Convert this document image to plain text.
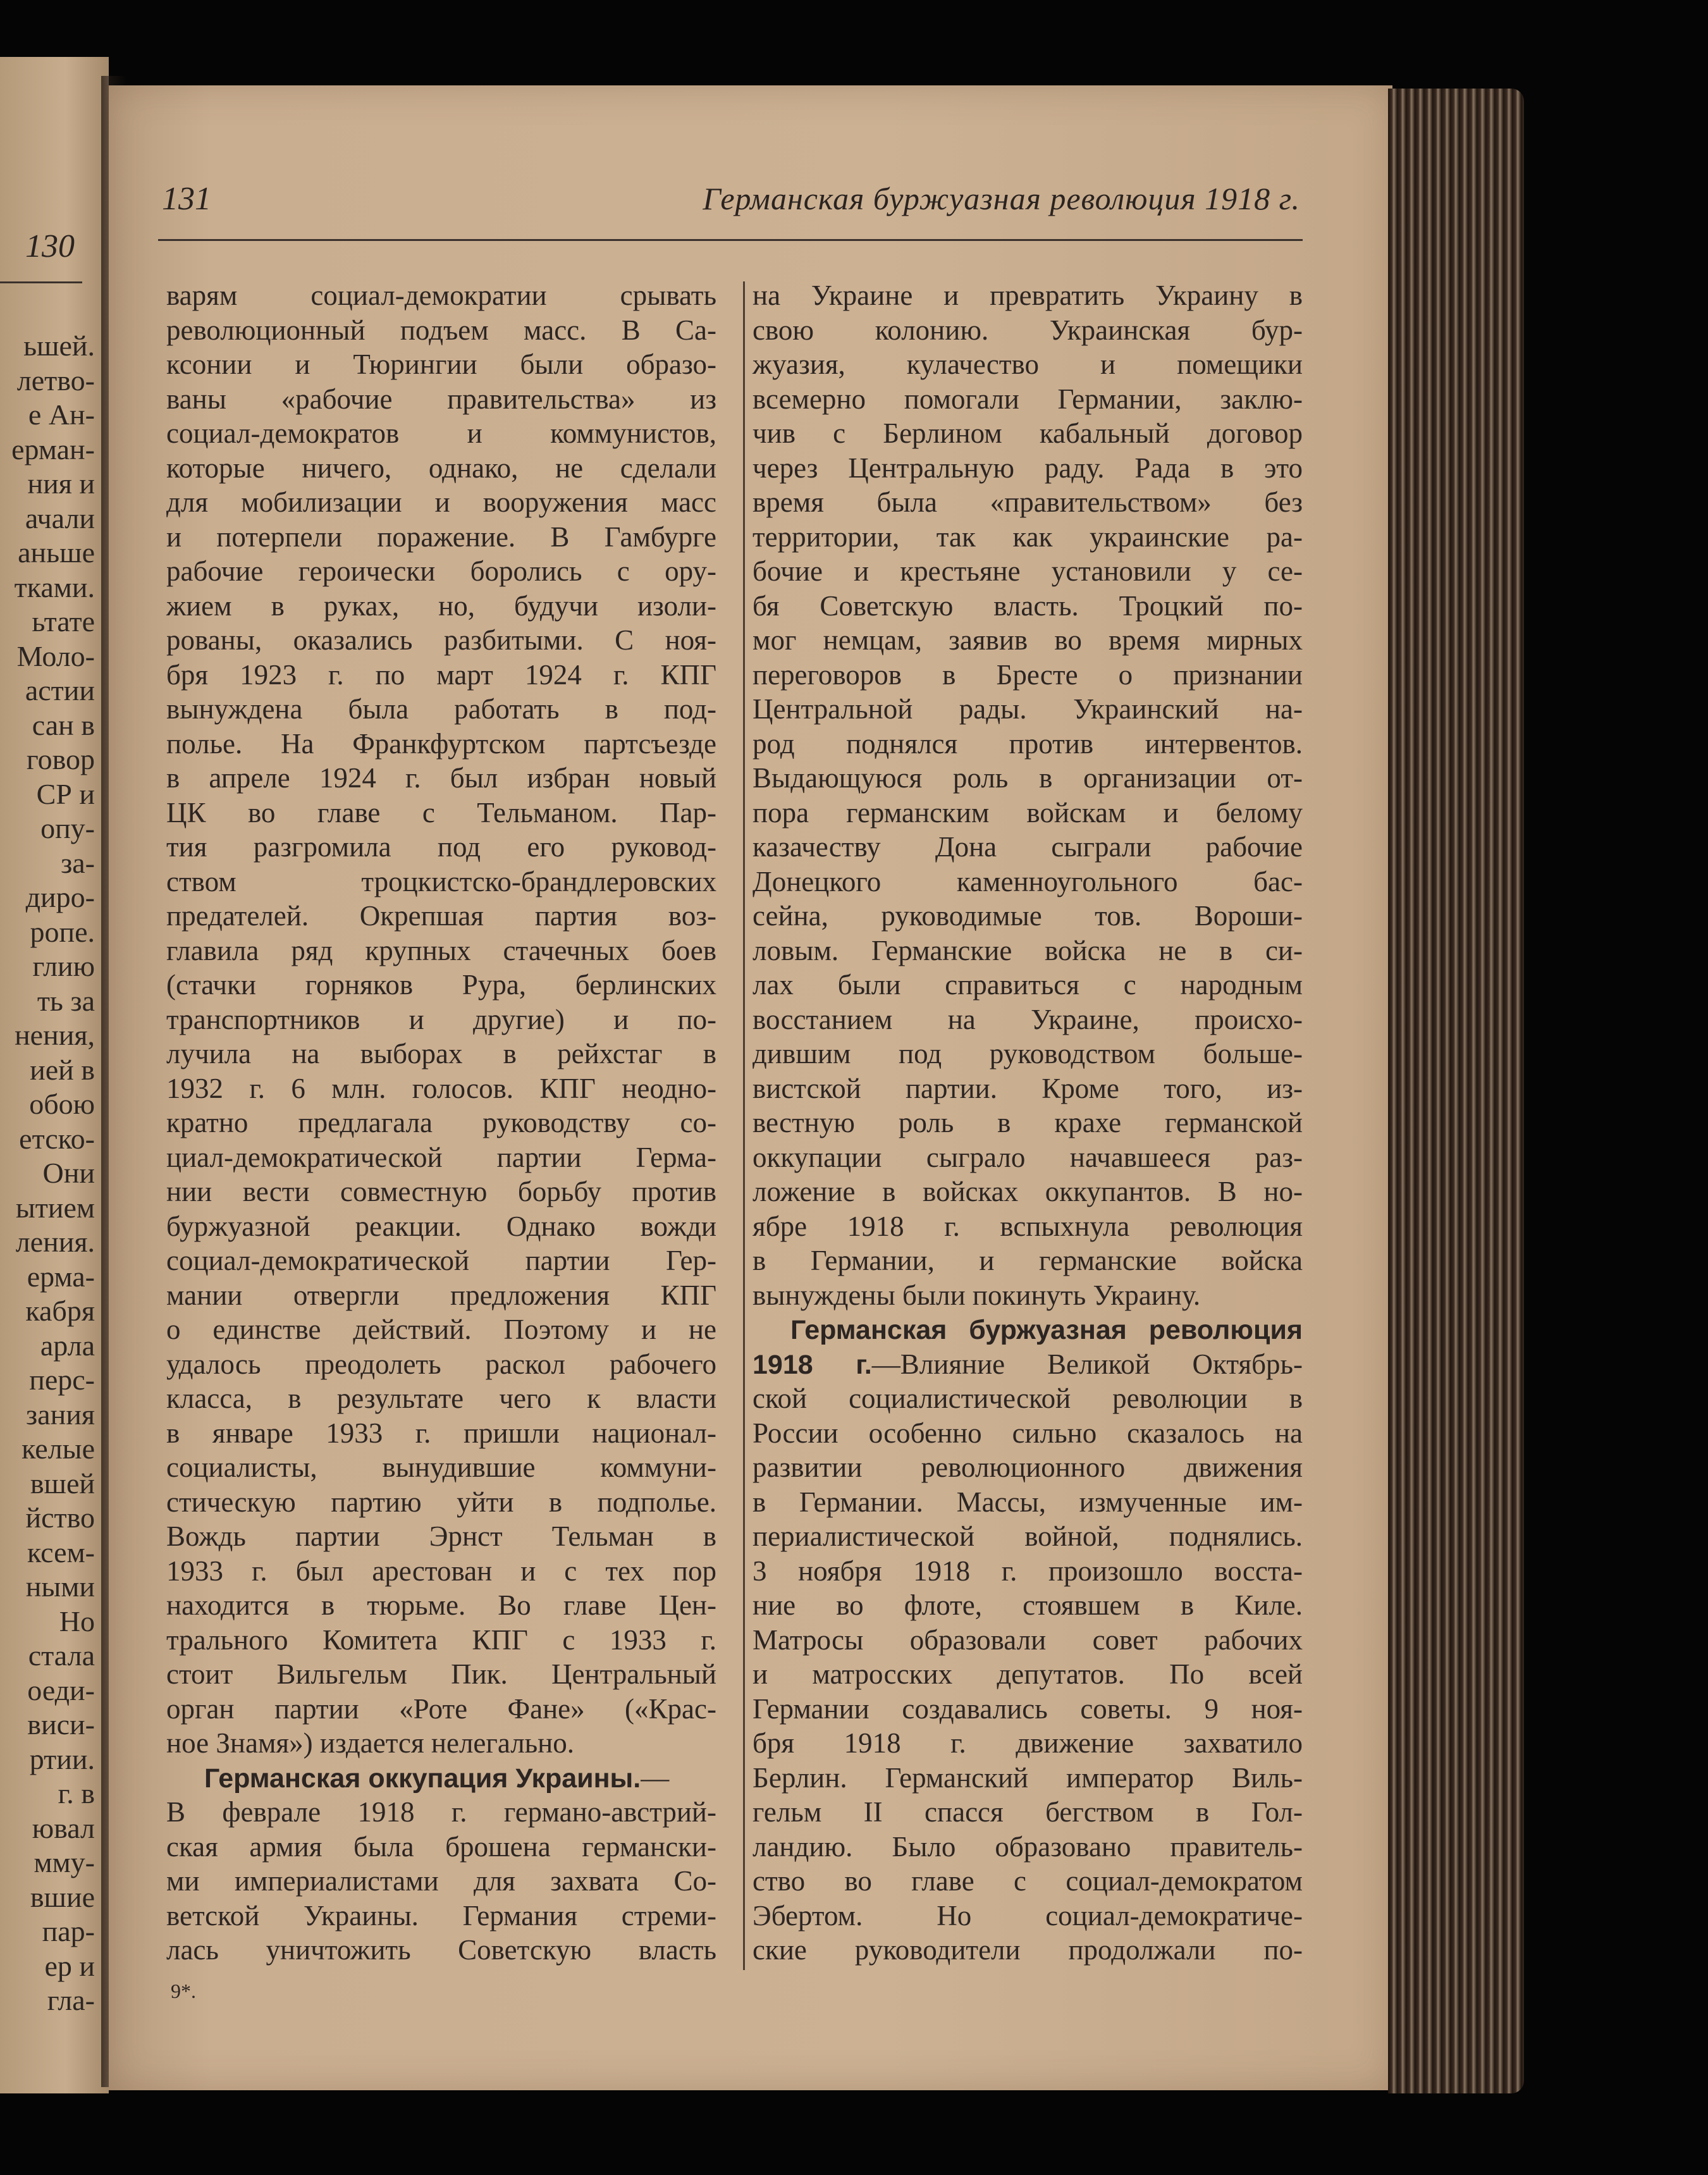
130
ьшей.
летво-
е Ан-
ерман-
ния и
ачали
аньше
тками.
ьтате
Моло-
астии
сан в
говор
СР и
опу-
за-
диро-
ропе.
глию
ть за
нения,
ией в
обою
етско-
Они
ытием
ления.
ерма-
кабря
арла
перс-
зания
келые
вшей
йство
ксем-
ными
Но
стала
оеди-
виси-
ртии.
г. в
ювал
мму-
вшие
пар-
ер и
гла-
131	Германская буржуазная революция 1918 г.
варям социал-демократии срывать
революционный подъем масс. В Са-
ксонии и Тюрингии были образо-
ваны «рабочие правительства» из
социал-демократов и коммунистов,
которые ничего, однако, не сделали
для мобилизации и вооружения масс
и потерпели поражение. В Гамбурге
рабочие героически боролись с ору-
жием в руках, но, будучи изоли-
рованы, оказались разбитыми. С ноя-
бря 1923 г. по март 1924 г. КПГ
вынуждена была работать в под-
полье. На Франкфуртском партсъезде
в апреле 1924 г. был избран новый
ЦК во главе с Тельманом. Пар-
тия разгромила под его руковод-
ством троцкистско-брандлеровских
предателей. Окрепшая партия воз-
главила ряд крупных стачечных боев
(стачки горняков Рура, берлинских
транспортников и другие) и по-
лучила на выборах в рейхстаг в
1932 г. 6 млн. голосов. КПГ неодно-
кратно предлагала руководству со-
циал-демократической партии Герма-
нии вести совместную борьбу против
буржуазной реакции. Однако вожди
социал-демократической партии Гер-
мании отвергли предложения КПГ
о единстве действий. Поэтому и не
удалось преодолеть раскол рабочего
класса, в результате чего к власти
в январе 1933 г. пришли национал-
социалисты, вынудившие коммуни-
стическую партию уйти в подполье.
Вождь партии Эрнст Тельман в
1933 г. был арестован и с тех пор
находится в тюрьме. Во главе Цен-
трального Комитета КПГ с 1933 г.
стоит Вильгельм Пик. Центральный
орган партии «Роте Фане» («Крас-
ное Знамя») издается нелегально.
Германская оккупация Украины.—
В феврале 1918 г. германо-австрий-
ская армия была брошена германски-
ми империалистами для захвата Со-
ветской Украины. Германия стреми-
лась уничтожить Советскую власть
на Украине и превратить Украину в
свою колонию. Украинская бур-
жуазия, кулачество и помещики
всемерно помогали Германии, заклю-
чив с Берлином кабальный договор
через Центральную раду. Рада в это
время была «правительством» без
территории, так как украинские ра-
бочие и крестьяне установили у се-
бя Советскую власть. Троцкий по-
мог немцам, заявив во время мирных
переговоров в Бресте о признании
Центральной рады. Украинский на-
род поднялся против интервентов.
Выдающуюся роль в организации от-
пора германским войскам и белому
казачеству Дона сыграли рабочие
Донецкого каменноугольного бас-
сейна, руководимые тов. Вороши-
ловым. Германские войска не в си-
лах были справиться с народным
восстанием на Украине, происхо-
дившим под руководством больше-
вистской партии. Кроме того, из-
вестную роль в крахе германской
оккупации сыграло начавшееся раз-
ложение в войсках оккупантов. В но-
ябре 1918 г. вспыхнула революция
в Германии, и германские войска
вынуждены были покинуть Украину.
Германская буржуазная революция
1918 г.—Влияние Великой Октябрь-
ской социалистической революции в
России особенно сильно сказалось на
развитии революционного движения
в Германии. Массы, измученные им-
периалистической войной, поднялись.
3 ноября 1918 г. произошло восста-
ние во флоте, стоявшем в Киле.
Матросы образовали совет рабочих
и матросских депутатов. По всей
Германии создавались советы. 9 ноя-
бря 1918 г. движение захватило
Берлин. Германский император Виль-
гельм II спасся бегством в Гол-
ландию. Было образовано правитель-
ство во главе с социал-демократом
Эбертом. Но социал-демократиче-
ские руководители продолжали по-
9*.
